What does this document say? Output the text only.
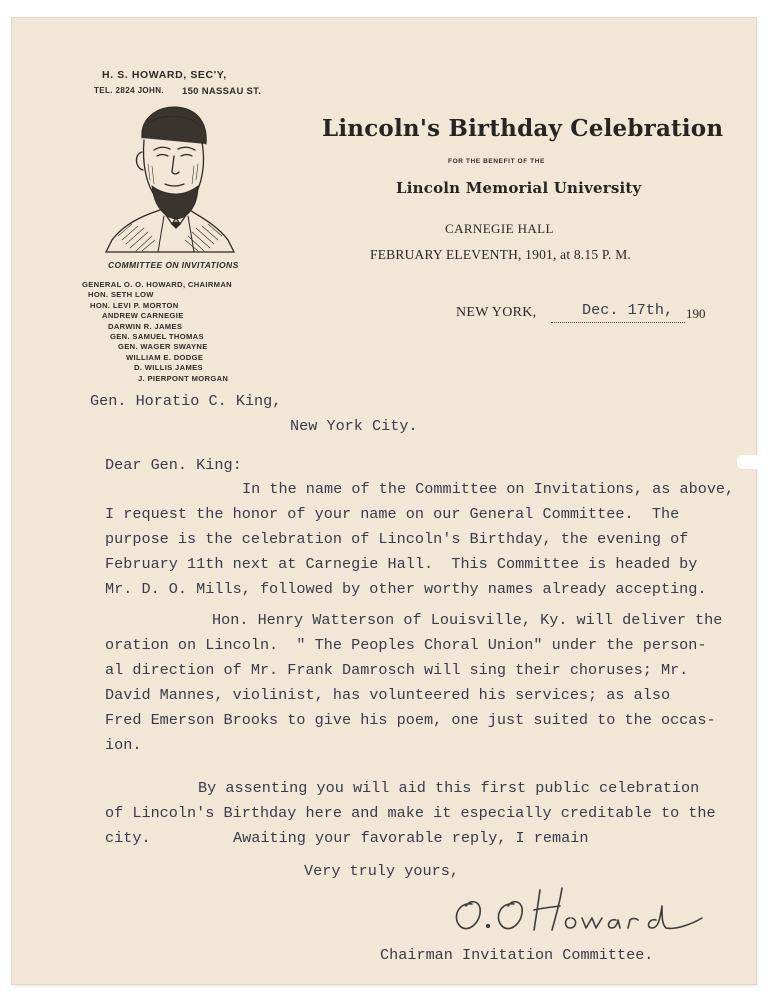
H. S. HOWARD, SEC'Y,
TEL. 2824 JOHN. 150 NASSAU ST.
COMMITTEE ON INVITATIONS
GENERAL O. O. HOWARD, CHAIRMAN
HON. SETH LOW
HON. LEVI P. MORTON
ANDREW CARNEGIE
DARWIN R. JAMES
GEN. SAMUEL THOMAS
GEN. WAGER SWAYNE
WILLIAM E. DODGE
D. WILLIS JAMES
J. PIERPONT MORGAN
Lincoln's Birthday Celebration
FOR THE BENEFIT OF THE
Lincoln Memorial University
CARNEGIE HALL
FEBRUARY ELEVENTH, 1901, at 8.15 P. M.
NEW YORK,	Dec. 17th, 190
Gen. Horatio C. King,
New York City.
Dear Gen. King:
In the name of the Committee on Invitations, as above,
I request the honor of your name on our General Committee.  The
purpose is the celebration of Lincoln's Birthday, the evening of
February 11th next at Carnegie Hall.  This Committee is headed by
Mr. D. O. Mills, followed by other worthy names already accepting.
Hon. Henry Watterson of Louisville, Ky. will deliver the
oration on Lincoln.  " The Peoples Choral Union" under the person-
al direction of Mr. Frank Damrosch will sing their choruses; Mr.
David Mannes, violinist, has volunteered his services; as also
Fred Emerson Brooks to give his poem, one just suited to the occas-
ion.
By assenting you will aid this first public celebration
of Lincoln's Birthday here and make it especially creditable to the
city.	Awaiting your favorable reply, I remain
Very truly yours,
Chairman Invitation Committee.
